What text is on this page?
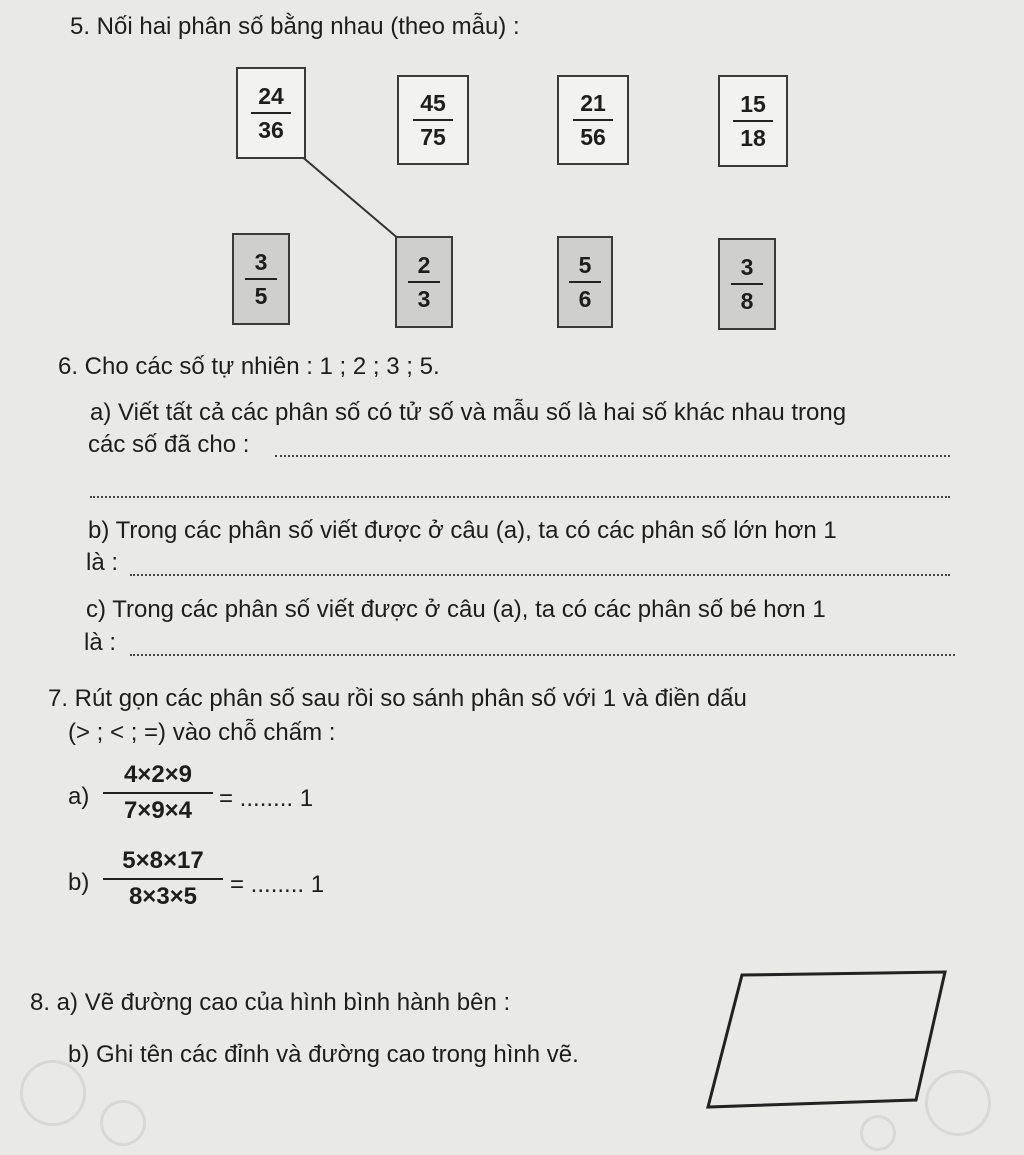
5. Nối hai phân số bằng nhau (theo mẫu) :
24
36
45
75
21
56
15
18
3
5
2
3
5
6
3
8
6. Cho các số tự nhiên : 1 ; 2 ; 3 ; 5.
a) Viết tất cả các phân số có tử số và mẫu số là hai số khác nhau trong
các số đã cho :
b) Trong các phân số viết được ở câu (a), ta có các phân số lớn hơn 1
là :
c) Trong các phân số viết được ở câu (a), ta có các phân số bé hơn 1
là :
7. Rút gọn các phân số sau rồi so sánh phân số với 1 và điền dấu
(> ; < ; =) vào chỗ chấm :
a)
4×2×9
7×9×4 = ........ 1
b)
5×8×17
8×3×5 = ........ 1
8. a) Vẽ đường cao của hình bình hành bên :
b) Ghi tên các đỉnh và đường cao trong hình vẽ.
